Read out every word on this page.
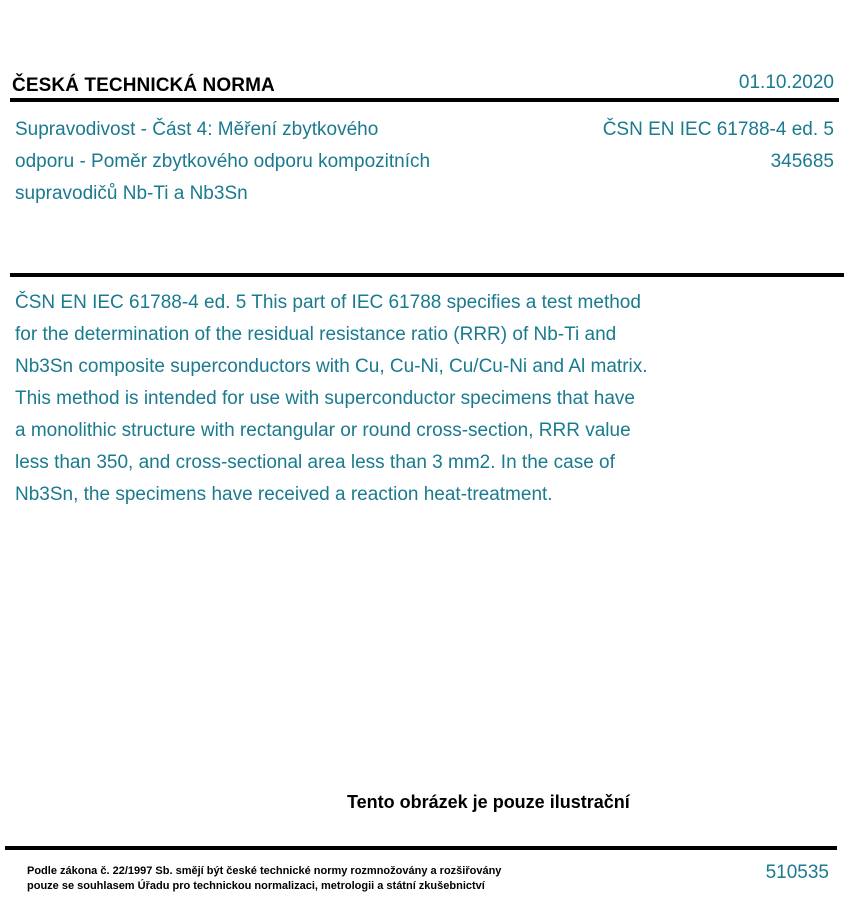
ČESKÁ TECHNICKÁ NORMA	01.10.2020
Supravodivost - Část 4: Měření zbytkového
odporu - Poměr zbytkového odporu kompozitních
supravodičů Nb-Ti a Nb3Sn
ČSN EN IEC 61788-4 ed. 5
345685
ČSN EN IEC 61788-4 ed. 5 This part of IEC 61788 specifies a test method
for the determination of the residual resistance ratio (RRR) of Nb-Ti and
Nb3Sn composite superconductors with Cu, Cu-Ni, Cu/Cu-Ni and Al matrix.
This method is intended for use with superconductor specimens that have
a monolithic structure with rectangular or round cross-section, RRR value
less than 350, and cross-sectional area less than 3 mm2. In the case of
Nb3Sn, the specimens have received a reaction heat-treatment.
Tento obrázek je pouze ilustrační
Podle zákona č. 22/1997 Sb. smějí být české technické normy rozmnožovány a rozšiřovány
pouze se souhlasem Úřadu pro technickou normalizaci, metrologii a státní zkušebnictví
510535
